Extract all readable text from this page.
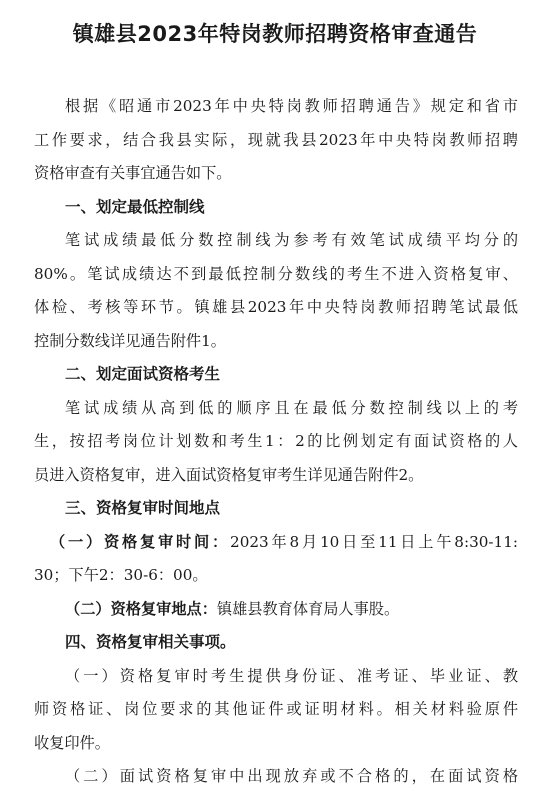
镇雄县2023年特岗教师招聘资格审查通告
根据《昭通市2023年中央特岗教师招聘通告》规定和省市
工作要求，结合我县实际，现就我县2023年中央特岗教师招聘
资格审查有关事宜通告如下。
一、划定最低控制线
笔试成绩最低分数控制线为参考有效笔试成绩平均分的
80%。笔试成绩达不到最低控制分数线的考生不进入资格复审、
体检、考核等环节。镇雄县2023年中央特岗教师招聘笔试最低
控制分数线详见通告附件1。
二、划定面试资格考生
笔试成绩从高到低的顺序且在最低分数控制线以上的考
生，按招考岗位计划数和考生1：2的比例划定有面试资格的人
员进入资格复审，进入面试资格复审考生详见通告附件2。
三、资格复审时间地点
（一）资格复审时间：2023年8月10日至11日上午8:30-11:
30；下午2：30-6：00。
（二）资格复审地点：镇雄县教育体育局人事股。
四、资格复审相关事项。
（一）资格复审时考生提供身份证、准考证、毕业证、教
师资格证、岗位要求的其他证件或证明材料。相关材料验原件
收复印件。
（二）面试资格复审中出现放弃或不合格的，在面试资格
